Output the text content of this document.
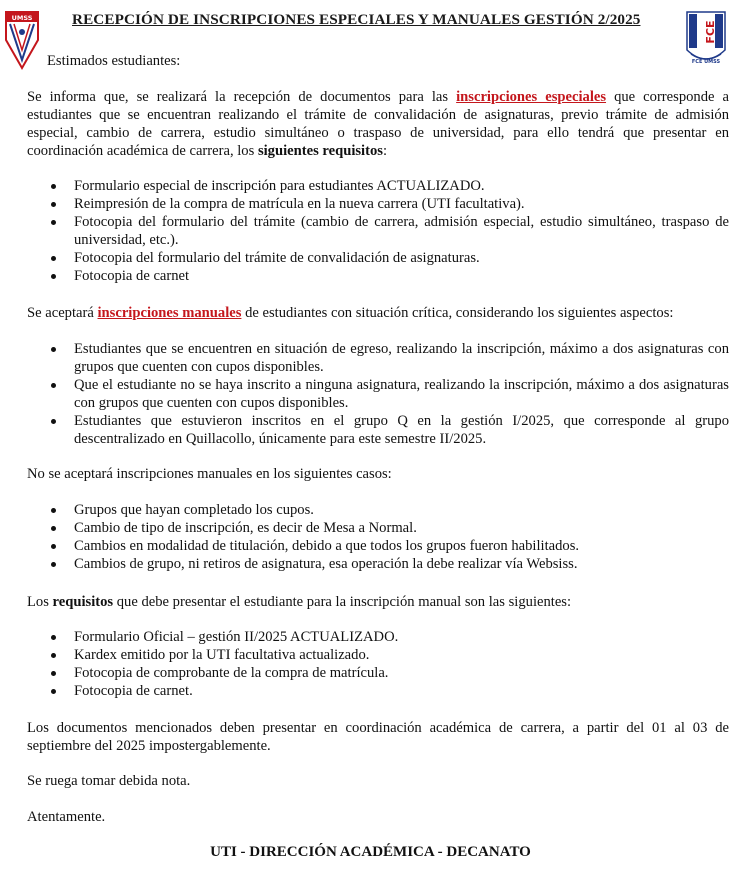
UMSS	RECEPCIÓN DE INSCRIPCIONES ESPECIALES Y MANUALES GESTIÓN 2/2025
FCE
FCE UMSS
Estimados estudiantes:
Se informa que, se realizará la recepción de documentos para las inscripciones especiales que corresponde a estudiantes que se encuentran realizando el trámite de convalidación de asignaturas, previo trámite de admisión especial, cambio de carrera, estudio simultáneo o traspaso de universidad, para ello tendrá que presentar en coordinación académica de carrera, los siguientes requisitos:
Formulario especial de inscripción para estudiantes ACTUALIZADO.
Reimpresión de la compra de matrícula en la nueva carrera (UTI facultativa).
Fotocopia del formulario del trámite (cambio de carrera, admisión especial, estudio simultáneo, traspaso de universidad, etc.).
Fotocopia del formulario del trámite de convalidación de asignaturas.
Fotocopia de carnet
Se aceptará inscripciones manuales de estudiantes con situación crítica, considerando los siguientes aspectos:
Estudiantes que se encuentren en situación de egreso, realizando la inscripción, máximo a dos asignaturas con grupos que cuenten con cupos disponibles.
Que el estudiante no se haya inscrito a ninguna asignatura, realizando la inscripción, máximo a dos asignaturas con grupos que cuenten con cupos disponibles.
Estudiantes que estuvieron inscritos en el grupo Q en la gestión I/2025, que corresponde al grupo descentralizado en Quillacollo, únicamente para este semestre II/2025.
No se aceptará inscripciones manuales en los siguientes casos:
Grupos que hayan completado los cupos.
Cambio de tipo de inscripción, es decir de Mesa a Normal.
Cambios en modalidad de titulación, debido a que todos los grupos fueron habilitados.
Cambios de grupo, ni retiros de asignatura, esa operación la debe realizar vía Websiss.
Los requisitos que debe presentar el estudiante para la inscripción manual son las siguientes:
Formulario Oficial – gestión II/2025 ACTUALIZADO.
Kardex emitido por la UTI facultativa actualizado.
Fotocopia de comprobante de la compra de matrícula.
Fotocopia de carnet.
Los documentos mencionados deben presentar en coordinación académica de carrera, a partir del 01 al 03 de septiembre del 2025 impostergablemente.
Se ruega tomar debida nota.
Atentamente.
UTI - DIRECCIÓN ACADÉMICA - DECANATO
